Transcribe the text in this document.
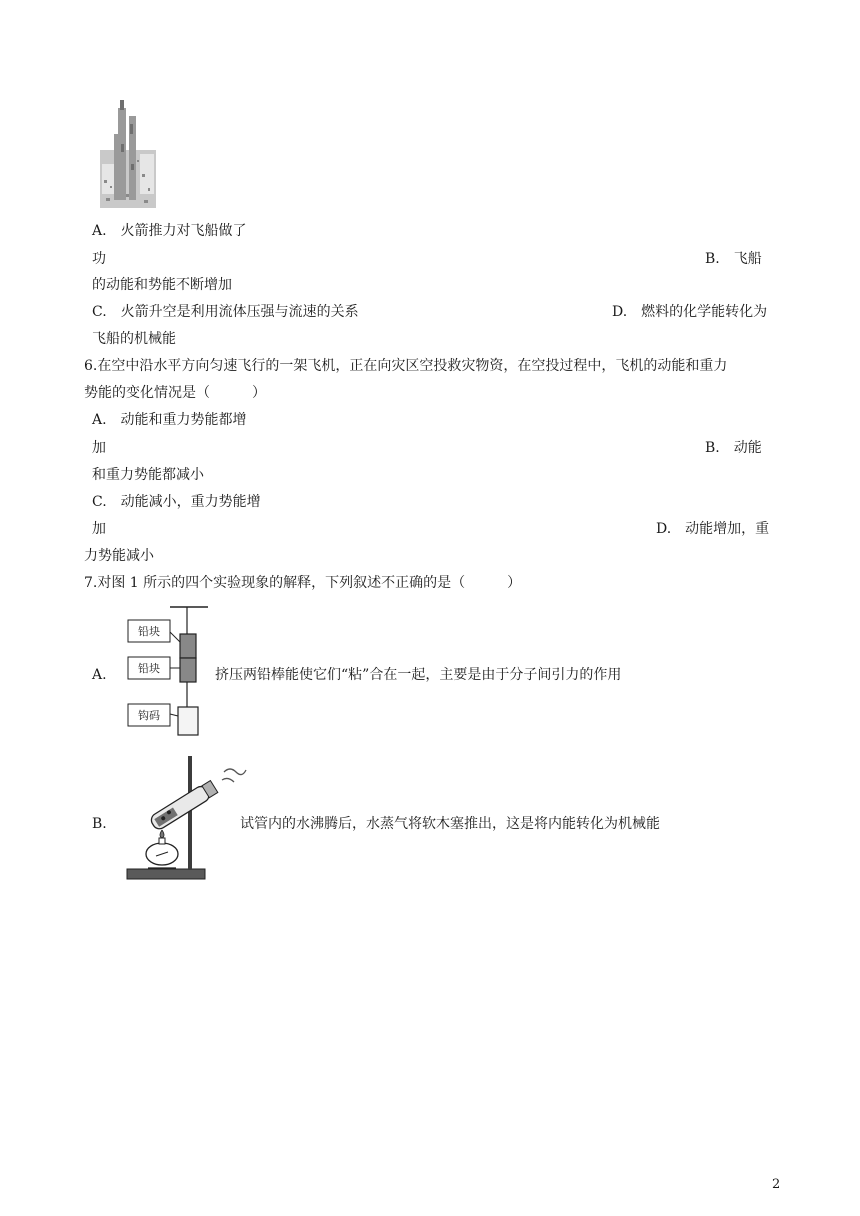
A.　火箭推力对飞船做了
功	B.　飞船
的动能和势能不断增加
C.　火箭升空是利用流体压强与流速的关系	D.　燃料的化学能转化为
飞船的机械能
6.在空中沿水平方向匀速飞行的一架飞机，正在向灾区空投救灾物资，在空投过程中，飞机的动能和重力
势能的变化情况是（　　　）
A.　动能和重力势能都增
加	B.　动能
和重力势能都减小
C.　动能减小，重力势能增
加	D.　动能增加，重
力势能减小
7.对图 1 所示的四个实验现象的解释，下列叙述不正确的是（　　　）
铅块
铅块
钩码
A.	挤压两铅棒能使它们“粘”合在一起，主要是由于分子间引力的作用
B.	试管内的水沸腾后，水蒸气将软木塞推出，这是将内能转化为机械能
2
